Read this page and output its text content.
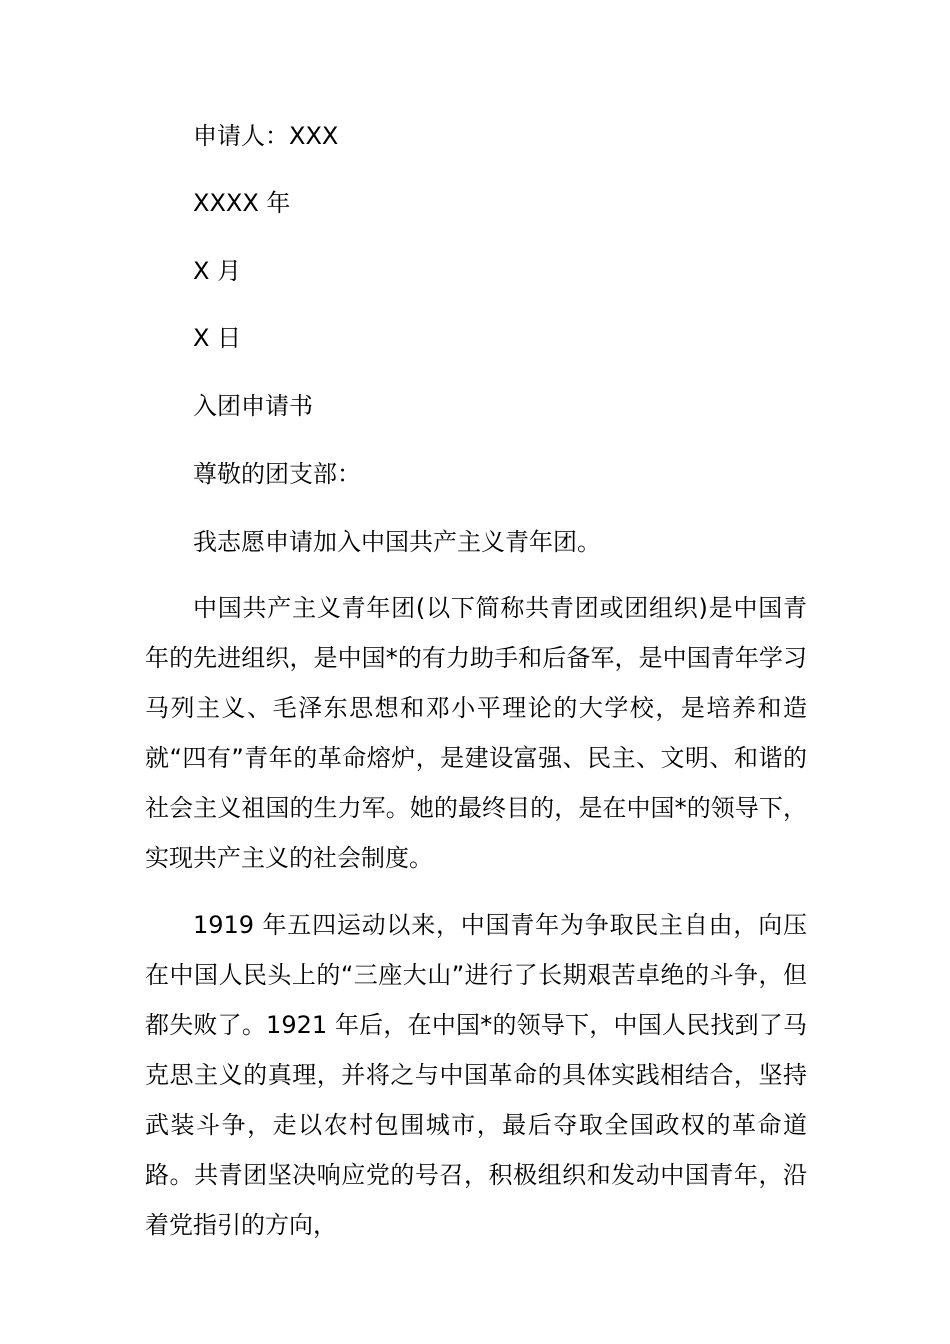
申请人：XXX

XXXX 年

X 月

X 日

入团申请书

尊敬的团支部：

我志愿申请加入中国共产主义青年团。

中国共产主义青年团(以下简称共青团或团组织)是中国青年的先进组织，是中国*的有力助手和后备军，是中国青年学习马列主义、毛泽东思想和邓小平理论的大学校，是培养和造就“四有”青年的革命熔炉，是建设富强、民主、文明、和谐的社会主义祖国的生力军。她的最终目的，是在中国*的领导下，实现共产主义的社会制度。

1919 年五四运动以来，中国青年为争取民主自由，向压在中国人民头上的“三座大山”进行了长期艰苦卓绝的斗争，但都失败了。1921 年后，在中国*的领导下，中国人民找到了马克思主义的真理，并将之与中国革命的具体实践相结合，坚持武装斗争，走以农村包围城市，最后夺取全国政权的革命道路。共青团坚决响应党的号召，积极组织和发动中国青年，沿着党指引的方向，
